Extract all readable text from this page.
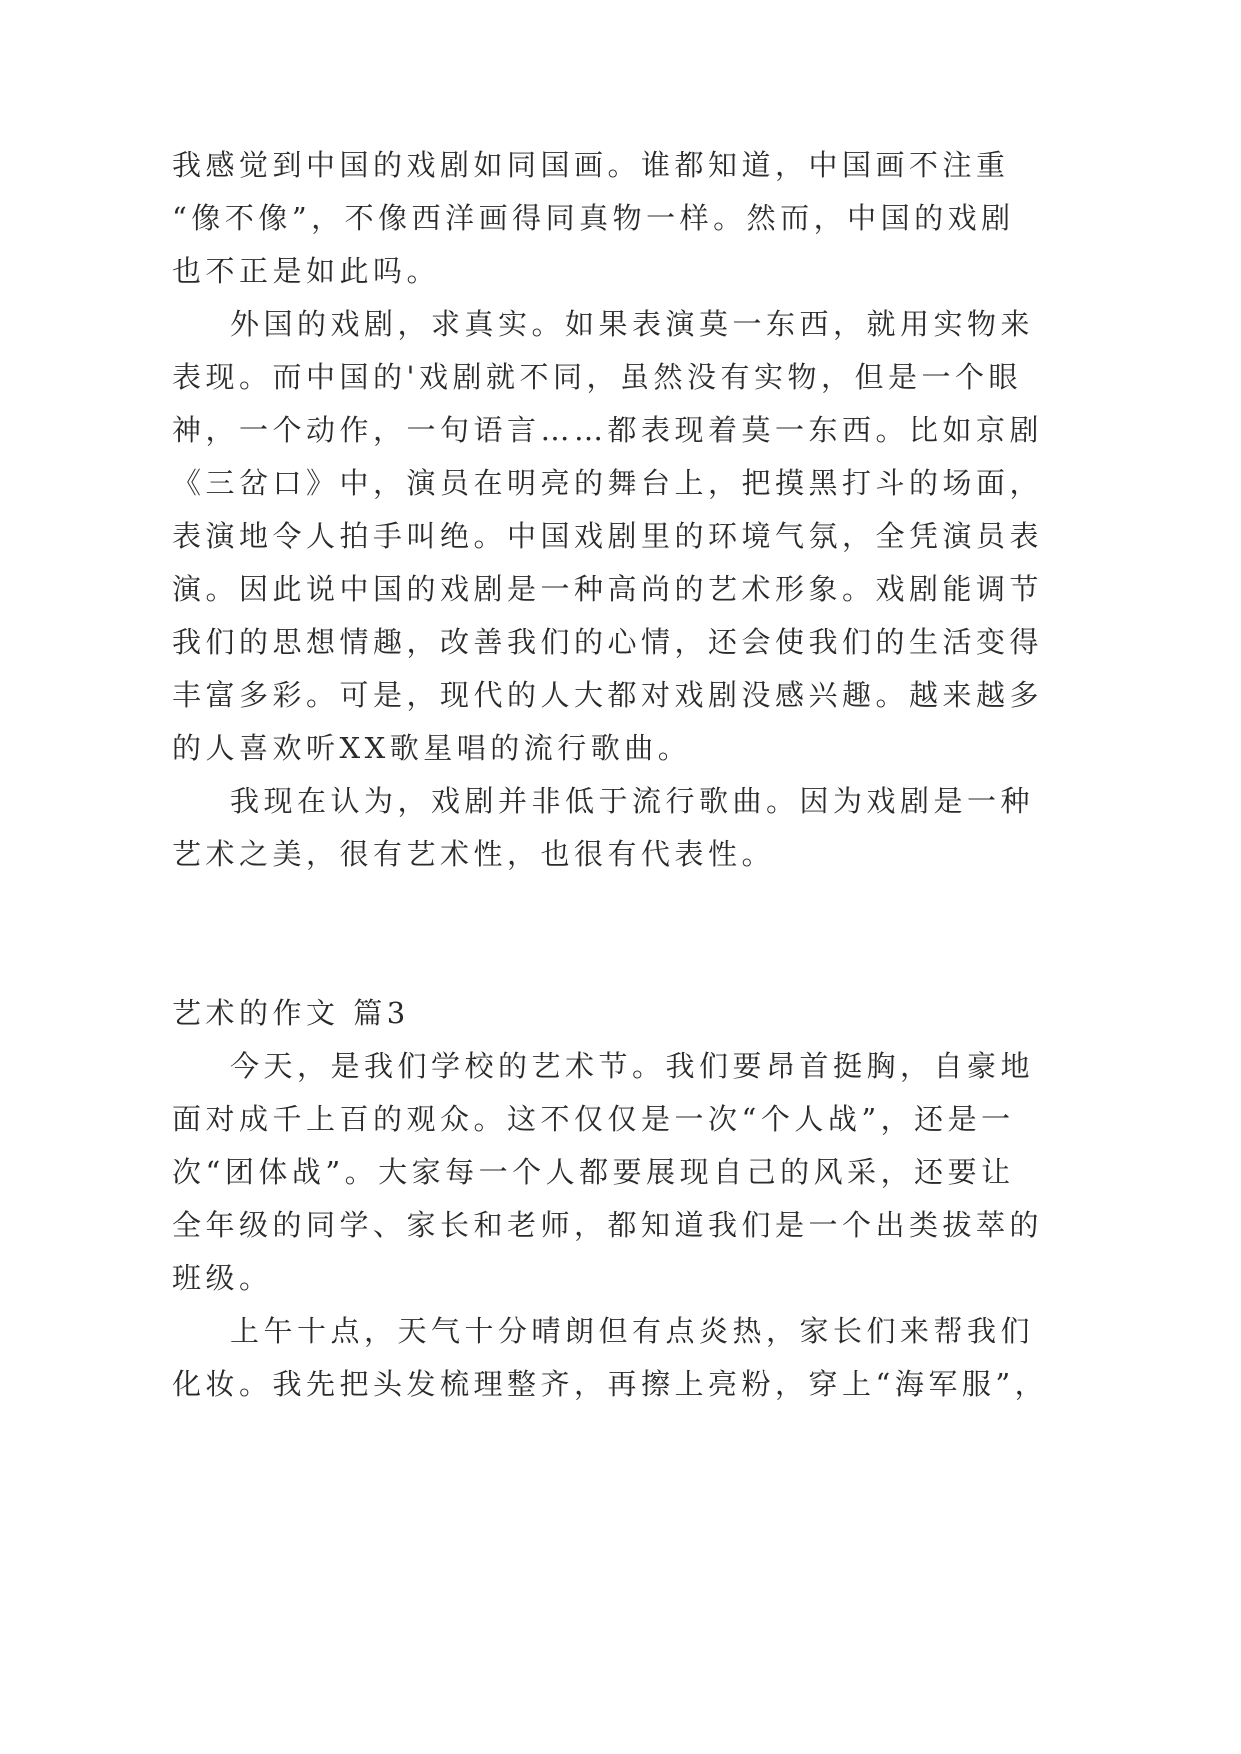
我感觉到中国的戏剧如同国画。谁都知道，中国画不注重
“像不像”，不像西洋画得同真物一样。然而，中国的戏剧
也不正是如此吗。
外国的戏剧，求真实。如果表演莫一东西，就用实物来
表现。而中国的'戏剧就不同，虽然没有实物，但是一个眼
神，一个动作，一句语言……都表现着莫一东西。比如京剧
《三岔口》中，演员在明亮的舞台上，把摸黑打斗的场面，
表演地令人拍手叫绝。中国戏剧里的环境气氛，全凭演员表
演。因此说中国的戏剧是一种高尚的艺术形象。戏剧能调节
我们的思想情趣，改善我们的心情，还会使我们的生活变得
丰富多彩。可是，现代的人大都对戏剧没感兴趣。越来越多
的人喜欢听XX歌星唱的流行歌曲。
我现在认为，戏剧并非低于流行歌曲。因为戏剧是一种
艺术之美，很有艺术性，也很有代表性。
艺术的作文 篇3
今天，是我们学校的艺术节。我们要昂首挺胸，自豪地
面对成千上百的观众。这不仅仅是一次“个人战”，还是一
次“团体战”。大家每一个人都要展现自己的风采，还要让
全年级的同学、家长和老师，都知道我们是一个出类拔萃的
班级。
上午十点，天气十分晴朗但有点炎热，家长们来帮我们
化妆。我先把头发梳理整齐，再擦上亮粉，穿上“海军服”，
